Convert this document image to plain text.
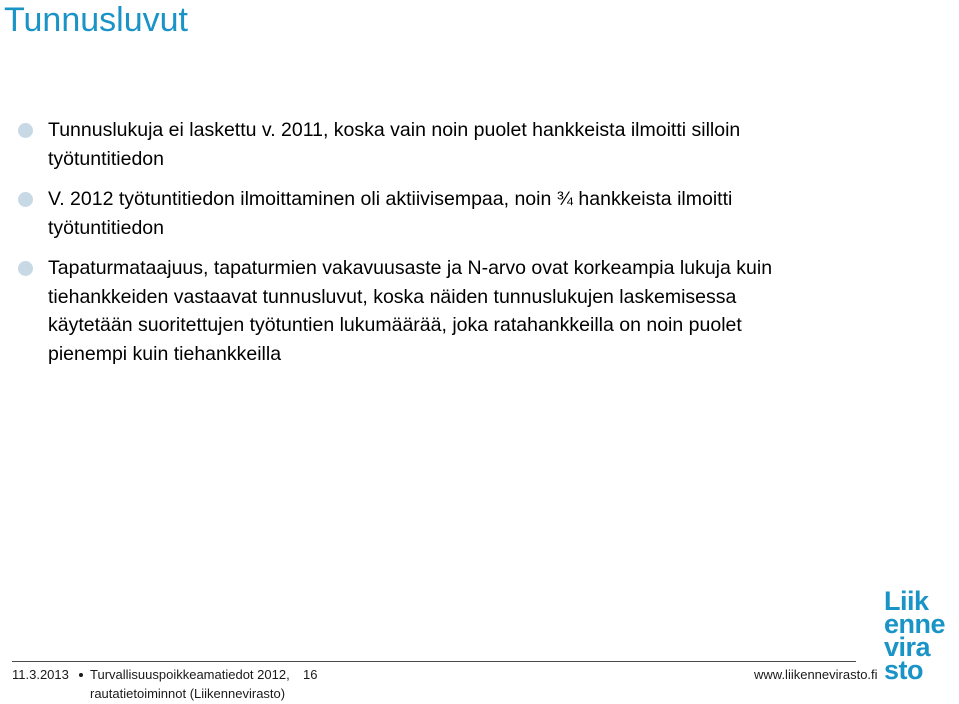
Tunnusluvut
Tunnuslukuja ei laskettu v. 2011, koska vain noin puolet hankkeista ilmoitti silloin työtuntitiedon
V. 2012 työtuntitiedon ilmoittaminen oli aktiivisempaa, noin ¾ hankkeista ilmoitti työtuntitiedon
Tapaturmataajuus, tapaturmien vakavuusaste ja N-arvo ovat korkeampia lukuja kuin tiehankkeiden vastaavat tunnusluvut, koska näiden tunnuslukujen laskemisessa käytetään suoritettujen työtuntien lukumäärää, joka ratahankkeilla on noin puolet pienempi kuin tiehankkeilla
Liik
enne
vira
sto
11.3.2013 Turvallisuuspoikkeamatiedot 2012, rautatietoiminnot (Liikennevirasto)
16	www.liikennevirasto.fi
